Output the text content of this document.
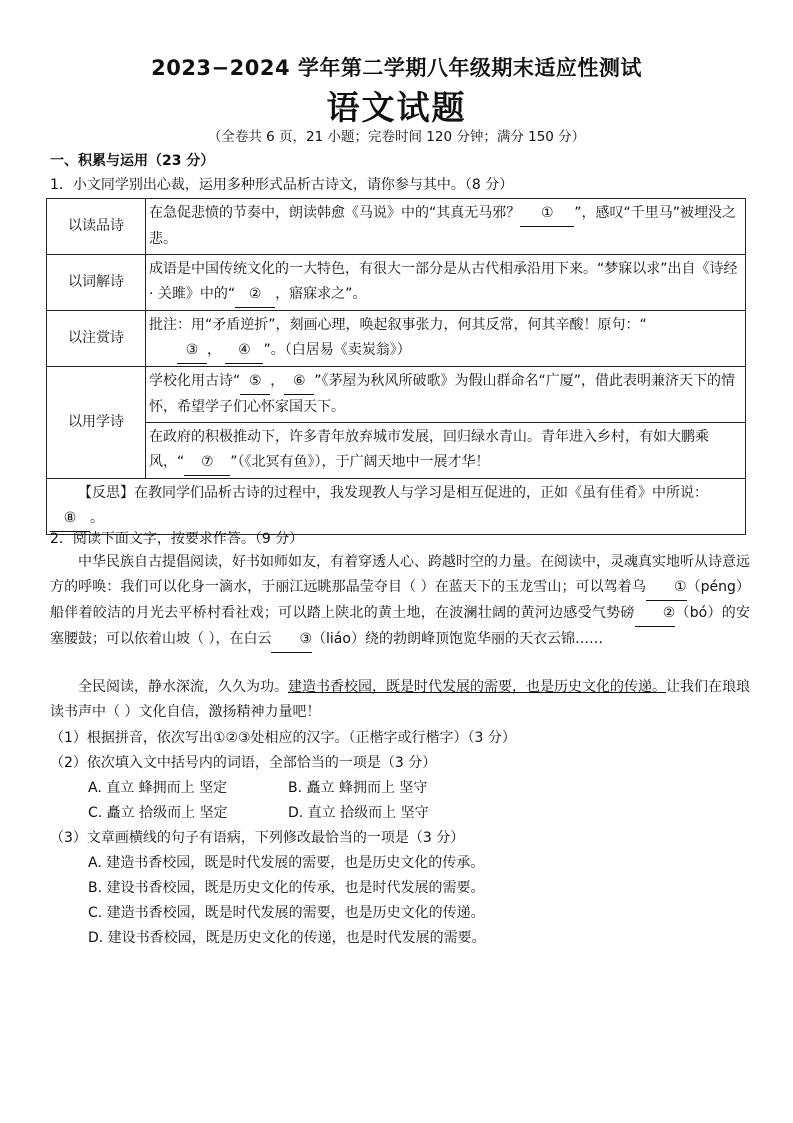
2023−2024 学年第二学期八年级期末适应性测试
语文试题
（全卷共 6 页，21 小题；完卷时间 120 分钟；满分 150 分）
一、积累与运用（23 分）
1．小文同学别出心裁，运用多种形式品析古诗文，请你参与其中。（8 分）
以读品诗	在急促悲愤的节奏中，朗读韩愈《马说》中的“其真无马邪？ ① ”，感叹“千里马”被埋没之悲。
以词解诗	成语是中国传统文化的一大特色，有很大一部分是从古代相承沿用下来。“梦寐以求”出自《诗经 · 关雎》中的“ ② ，寤寐求之”。
以注赏诗	批注：用“矛盾逆折”，刻画心理，唤起叙事张力，何其反常，何其辛酸！原句：“
③ ， ④ ”。（白居易《卖炭翁》）
以用学诗	学校化用古诗“ ⑤ ， ⑥ ”《茅屋为秋风所破歌》为假山群命名“广厦”，借此表明兼济天下的情怀，希望学子们心怀家国天下。
	在政府的积极推动下，许多青年放弃城市发展，回归绿水青山。青年进入乡村，有如大鹏乘风，“ ⑦ ”（《北冥有鱼》），于广阔天地中一展才华！
【反思】在教同学们品析古诗的过程中，我发现教人与学习是相互促进的，正如《虽有佳肴》中所说：⑧ 。	
2．阅读下面文字，按要求作答。（9 分）
中华民族自古提倡阅读，好书如师如友，有着穿透人心、跨越时空的力量。在阅读中，灵魂真实地听从诗意远方的呼唤：我们可以化身一滴水，于丽江远眺那晶莹夺目（ ）在蓝天下的玉龙雪山；可以驾着乌 ①（péng）船伴着皎洁的月光去平桥村看社戏；可以踏上陕北的黄土地，在波澜壮阔的黄河边感受气势磅 ②（bó）的安塞腰鼓；可以依着山坡（ ），在白云 ③（liáo）绕的勃朗峰顶饱览华丽的天衣云锦……
全民阅读，静水深流，久久为功。建造书香校园，既是时代发展的需要，也是历史文化的传递。让我们在琅琅读书声中（ ）文化自信，激扬精神力量吧！
（1）根据拼音，依次写出①②③处相应的汉字。（正楷字或行楷字）（3 分）
（2）依次填入文中括号内的词语，全部恰当的一项是（3 分）
A. 直立 蜂拥而上 坚定	B. 矗立 蜂拥而上 坚守
C. 矗立 拾级而上 坚定	D. 直立 拾级而上 坚守
（3）文章画横线的句子有语病，下列修改最恰当的一项是（3 分）
A. 建造书香校园，既是时代发展的需要，也是历史文化的传承。
B. 建设书香校园，既是历史文化的传承，也是时代发展的需要。
C. 建造书香校园，既是时代发展的需要，也是历史文化的传递。
D. 建设书香校园，既是历史文化的传递，也是时代发展的需要。
